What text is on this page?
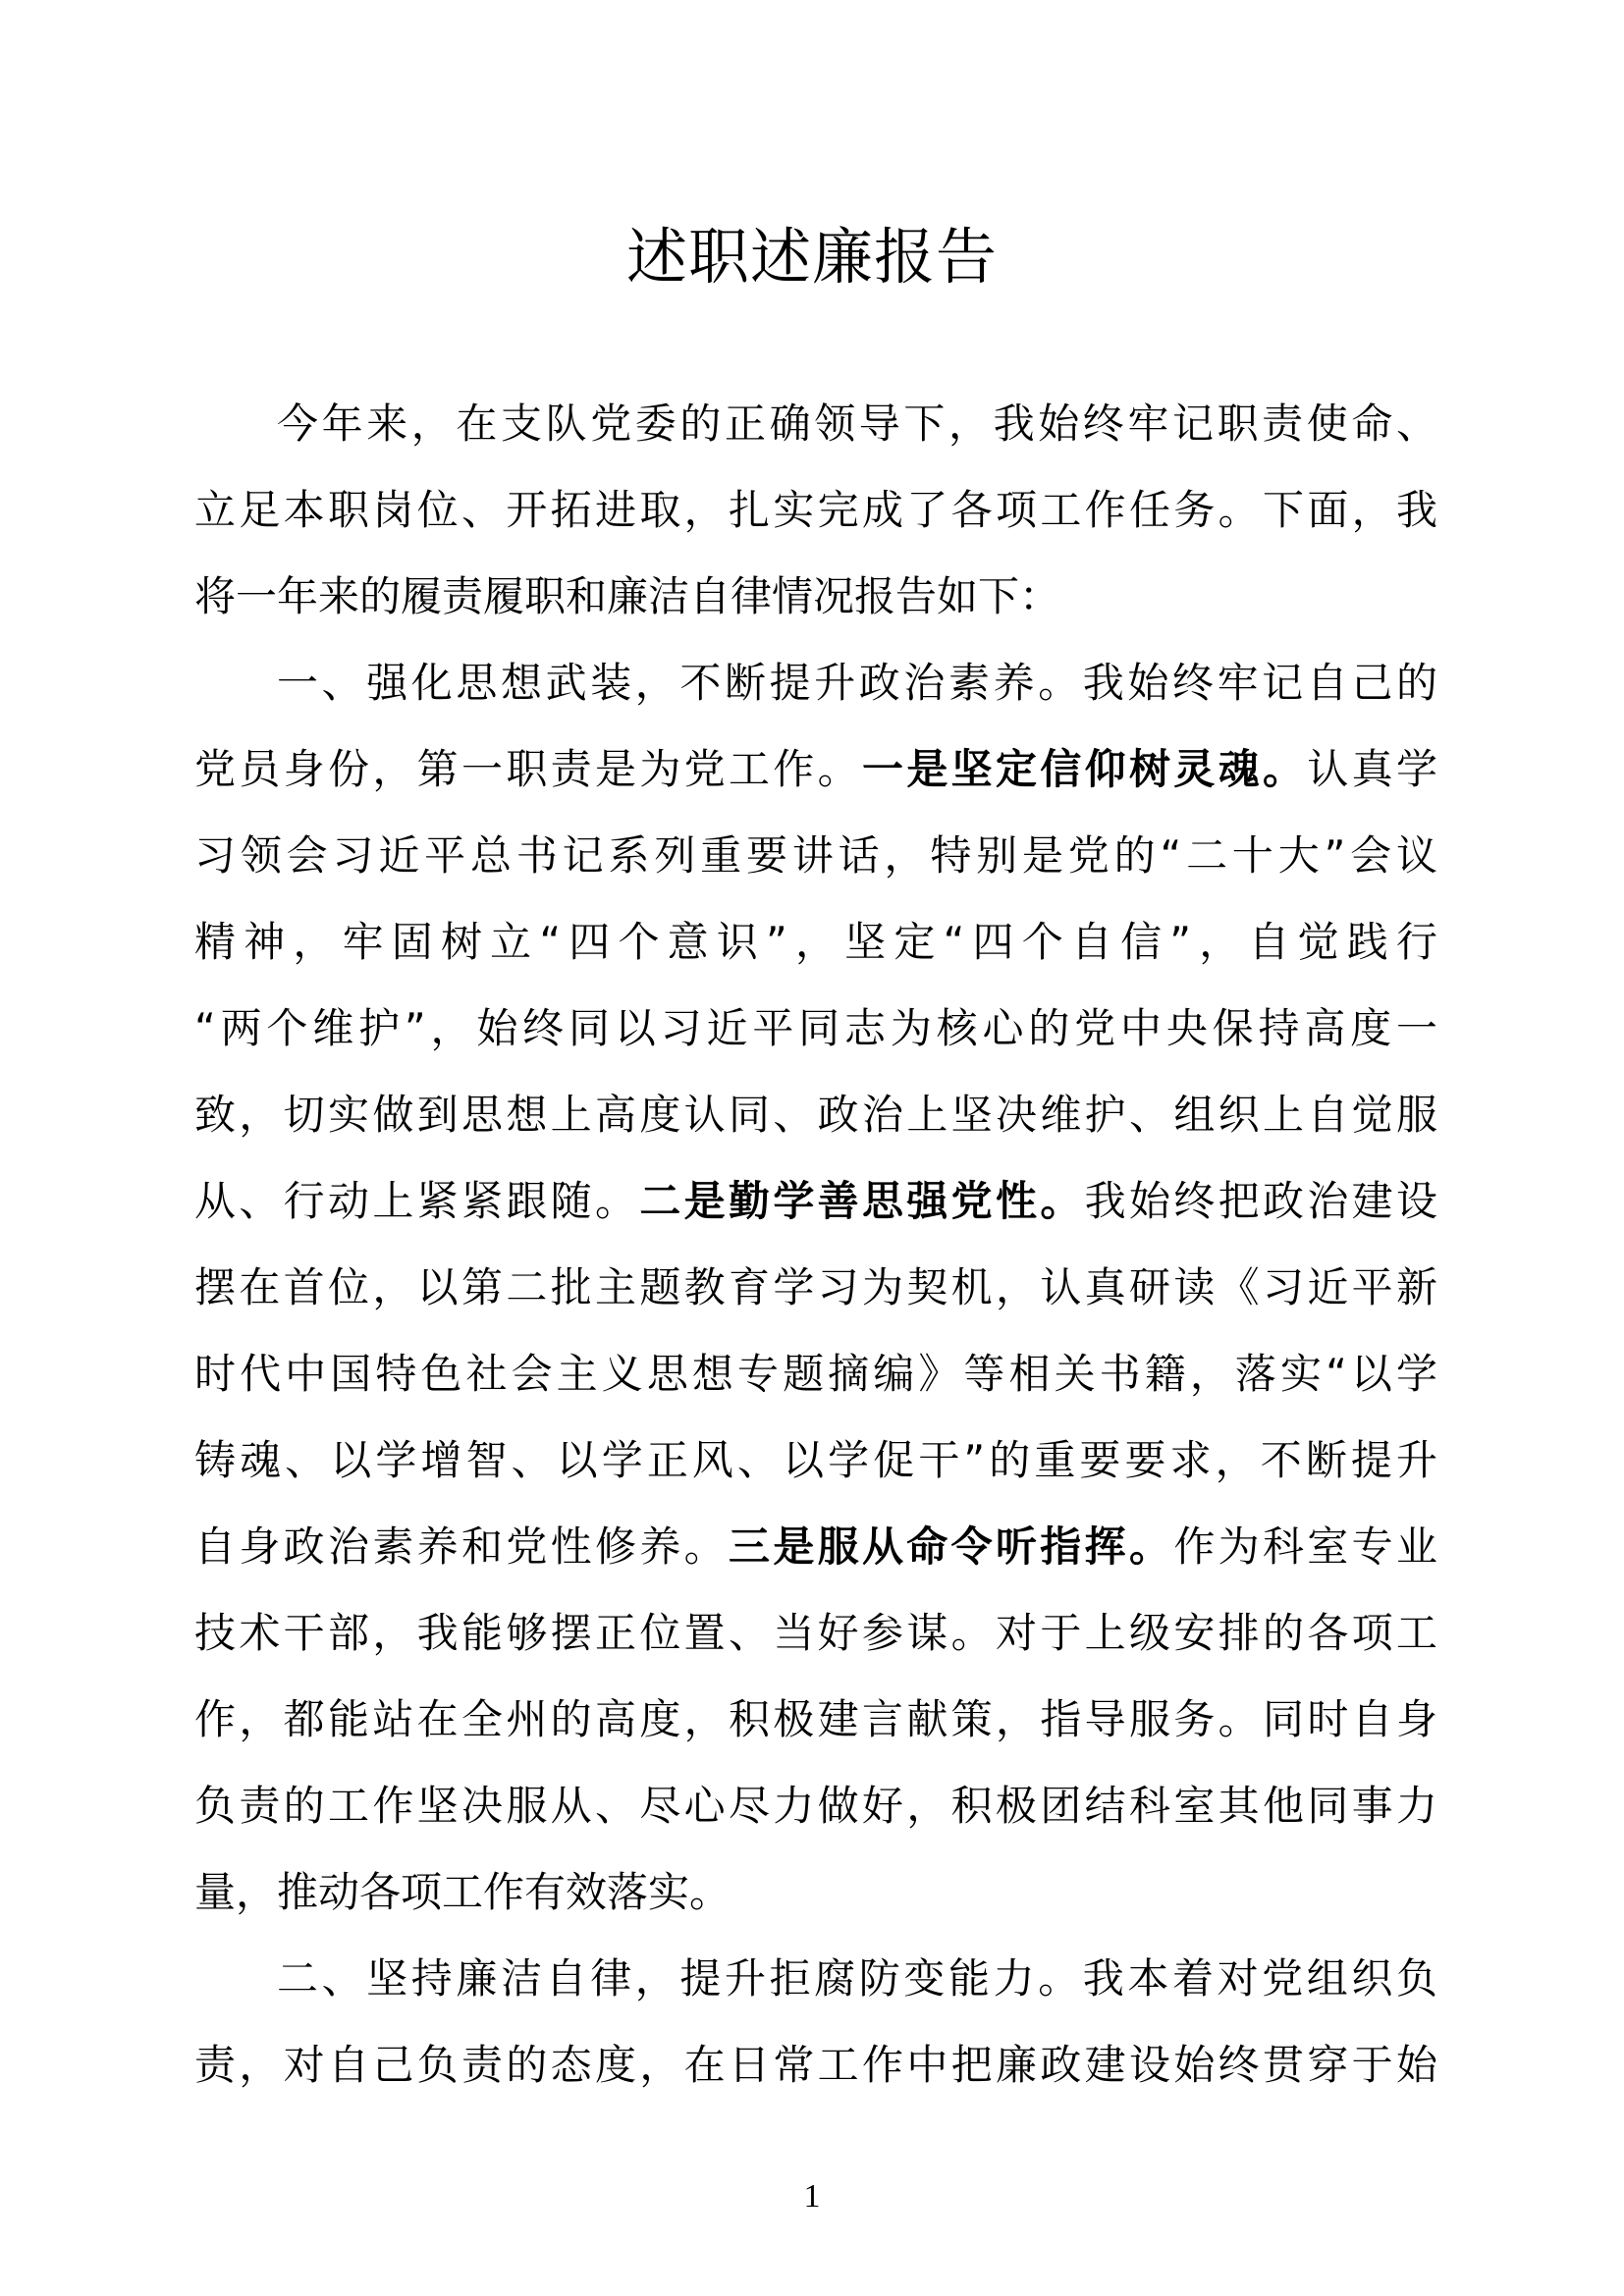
述职述廉报告
今年来，在支队党委的正确领导下，我始终牢记职责使命、
立足本职岗位、开拓进取，扎实完成了各项工作任务。下面，我
将一年来的履责履职和廉洁自律情况报告如下：
一、强化思想武装，不断提升政治素养。我始终牢记自己的
党员身份，第一职责是为党工作。一是坚定信仰树灵魂。认真学
习领会习近平总书记系列重要讲话，特别是党的“二十大”会议
精神，牢固树立“四个意识”，坚定“四个自信”，自觉践行
“两个维护”，始终同以习近平同志为核心的党中央保持高度一
致，切实做到思想上高度认同、政治上坚决维护、组织上自觉服
从、行动上紧紧跟随。二是勤学善思强党性。我始终把政治建设
摆在首位，以第二批主题教育学习为契机，认真研读《习近平新
时代中国特色社会主义思想专题摘编》等相关书籍，落实“以学
铸魂、以学增智、以学正风、以学促干”的重要要求，不断提升
自身政治素养和党性修养。三是服从命令听指挥。作为科室专业
技术干部，我能够摆正位置、当好参谋。对于上级安排的各项工
作，都能站在全州的高度，积极建言献策，指导服务。同时自身
负责的工作坚决服从、尽心尽力做好，积极团结科室其他同事力
量，推动各项工作有效落实。
二、坚持廉洁自律，提升拒腐防变能力。我本着对党组织负
责，对自己负责的态度，在日常工作中把廉政建设始终贯穿于始
1
